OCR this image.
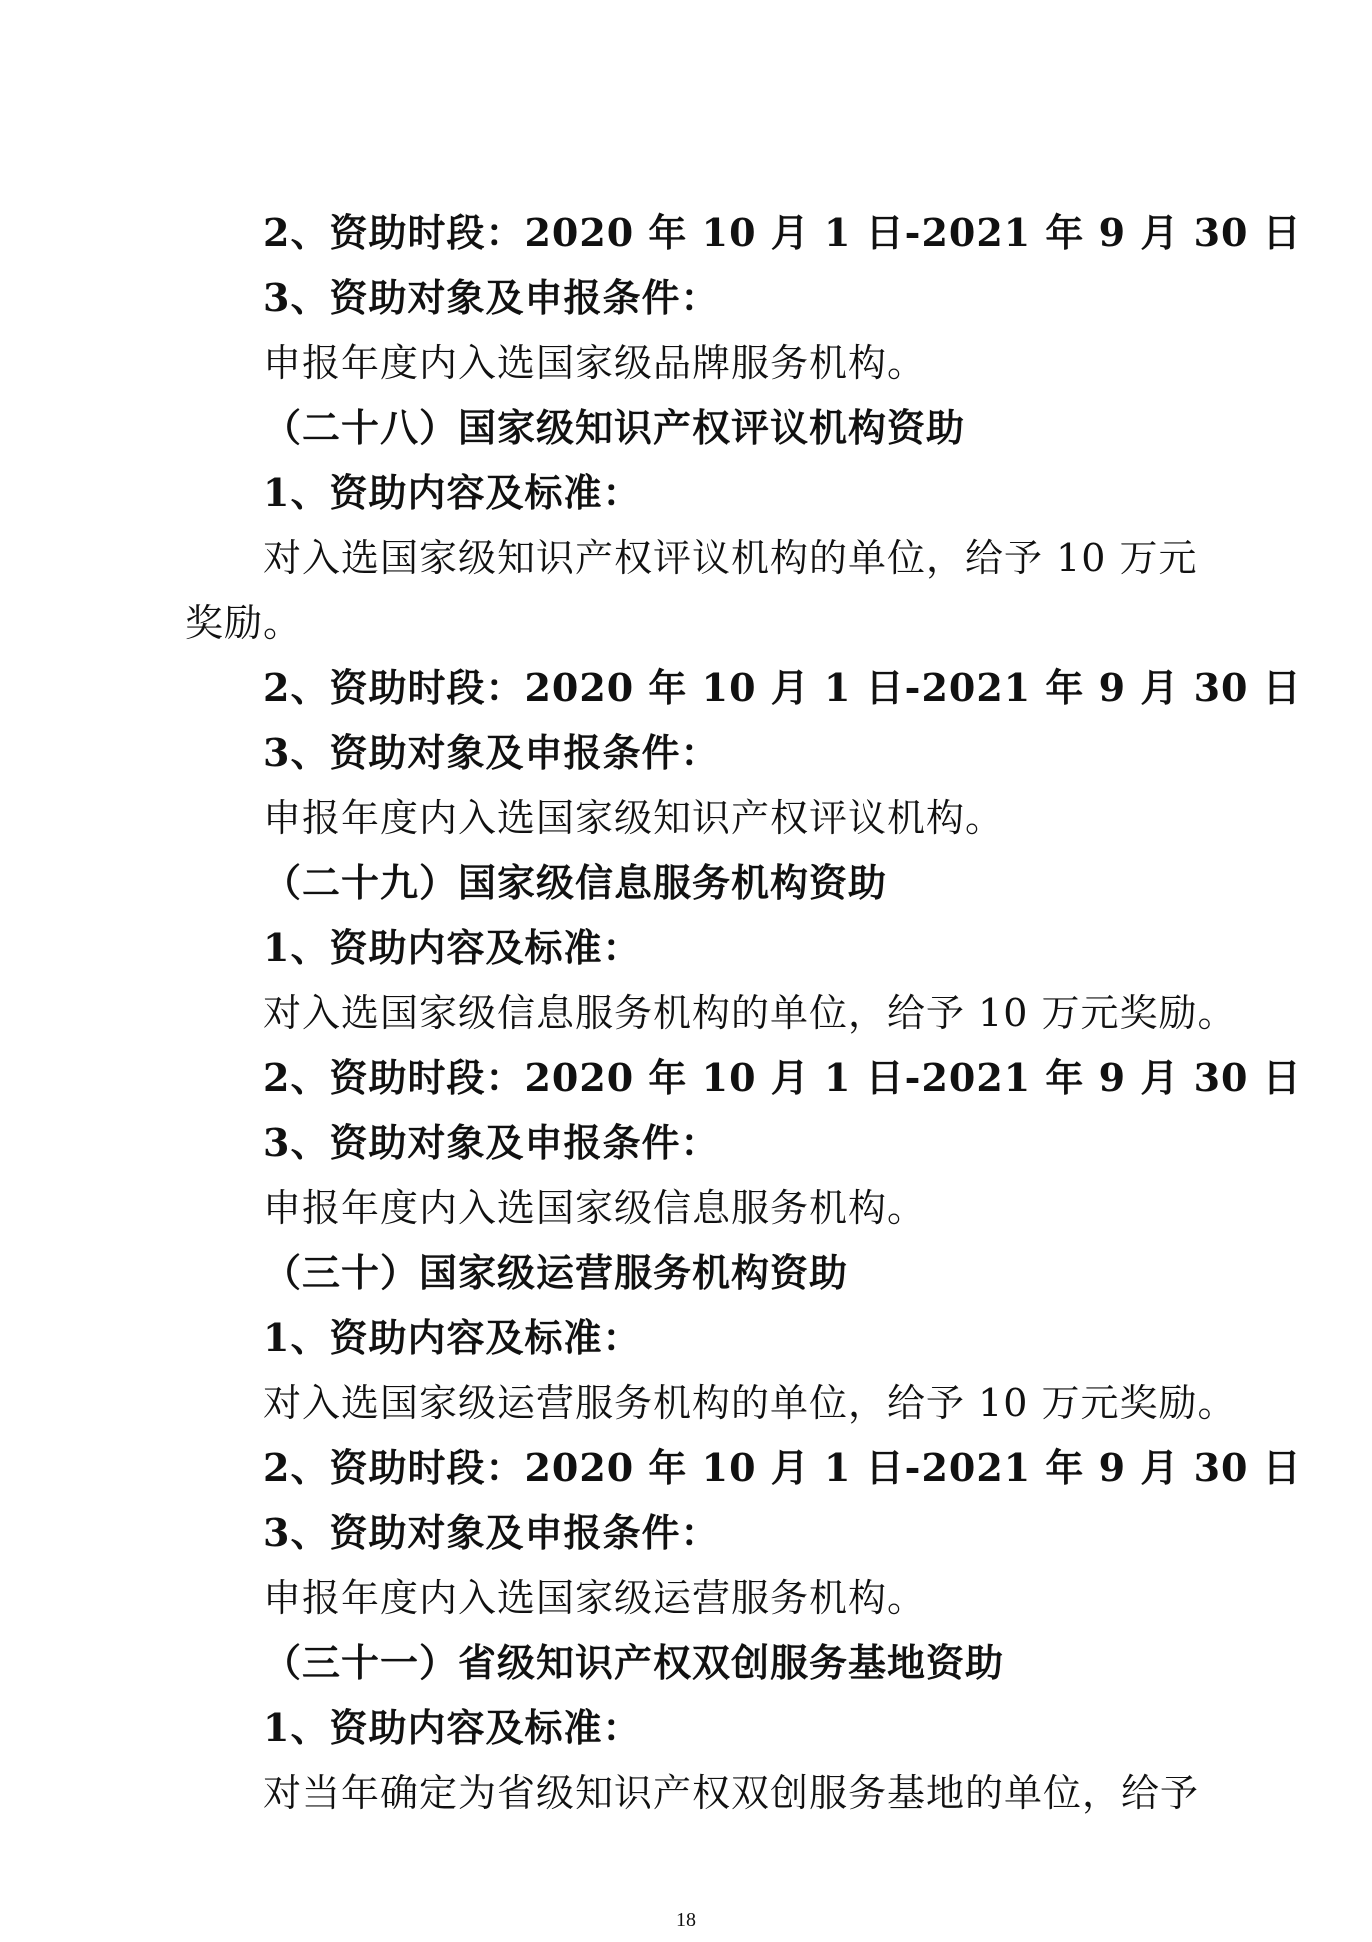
2、资助时段：2020 年 10 月 1 日-2021 年 9 月 30 日
3、资助对象及申报条件：
申报年度内入选国家级品牌服务机构。
（二十八）国家级知识产权评议机构资助
1、资助内容及标准：
对入选国家级知识产权评议机构的单位，给予 10 万元
奖励。
2、资助时段：2020 年 10 月 1 日-2021 年 9 月 30 日
3、资助对象及申报条件：
申报年度内入选国家级知识产权评议机构。
（二十九）国家级信息服务机构资助
1、资助内容及标准：
对入选国家级信息服务机构的单位，给予 10 万元奖励。
2、资助时段：2020 年 10 月 1 日-2021 年 9 月 30 日
3、资助对象及申报条件：
申报年度内入选国家级信息服务机构。
（三十）国家级运营服务机构资助
1、资助内容及标准：
对入选国家级运营服务机构的单位，给予 10 万元奖励。
2、资助时段：2020 年 10 月 1 日-2021 年 9 月 30 日
3、资助对象及申报条件：
申报年度内入选国家级运营服务机构。
（三十一）省级知识产权双创服务基地资助
1、资助内容及标准：
对当年确定为省级知识产权双创服务基地的单位，给予
18
